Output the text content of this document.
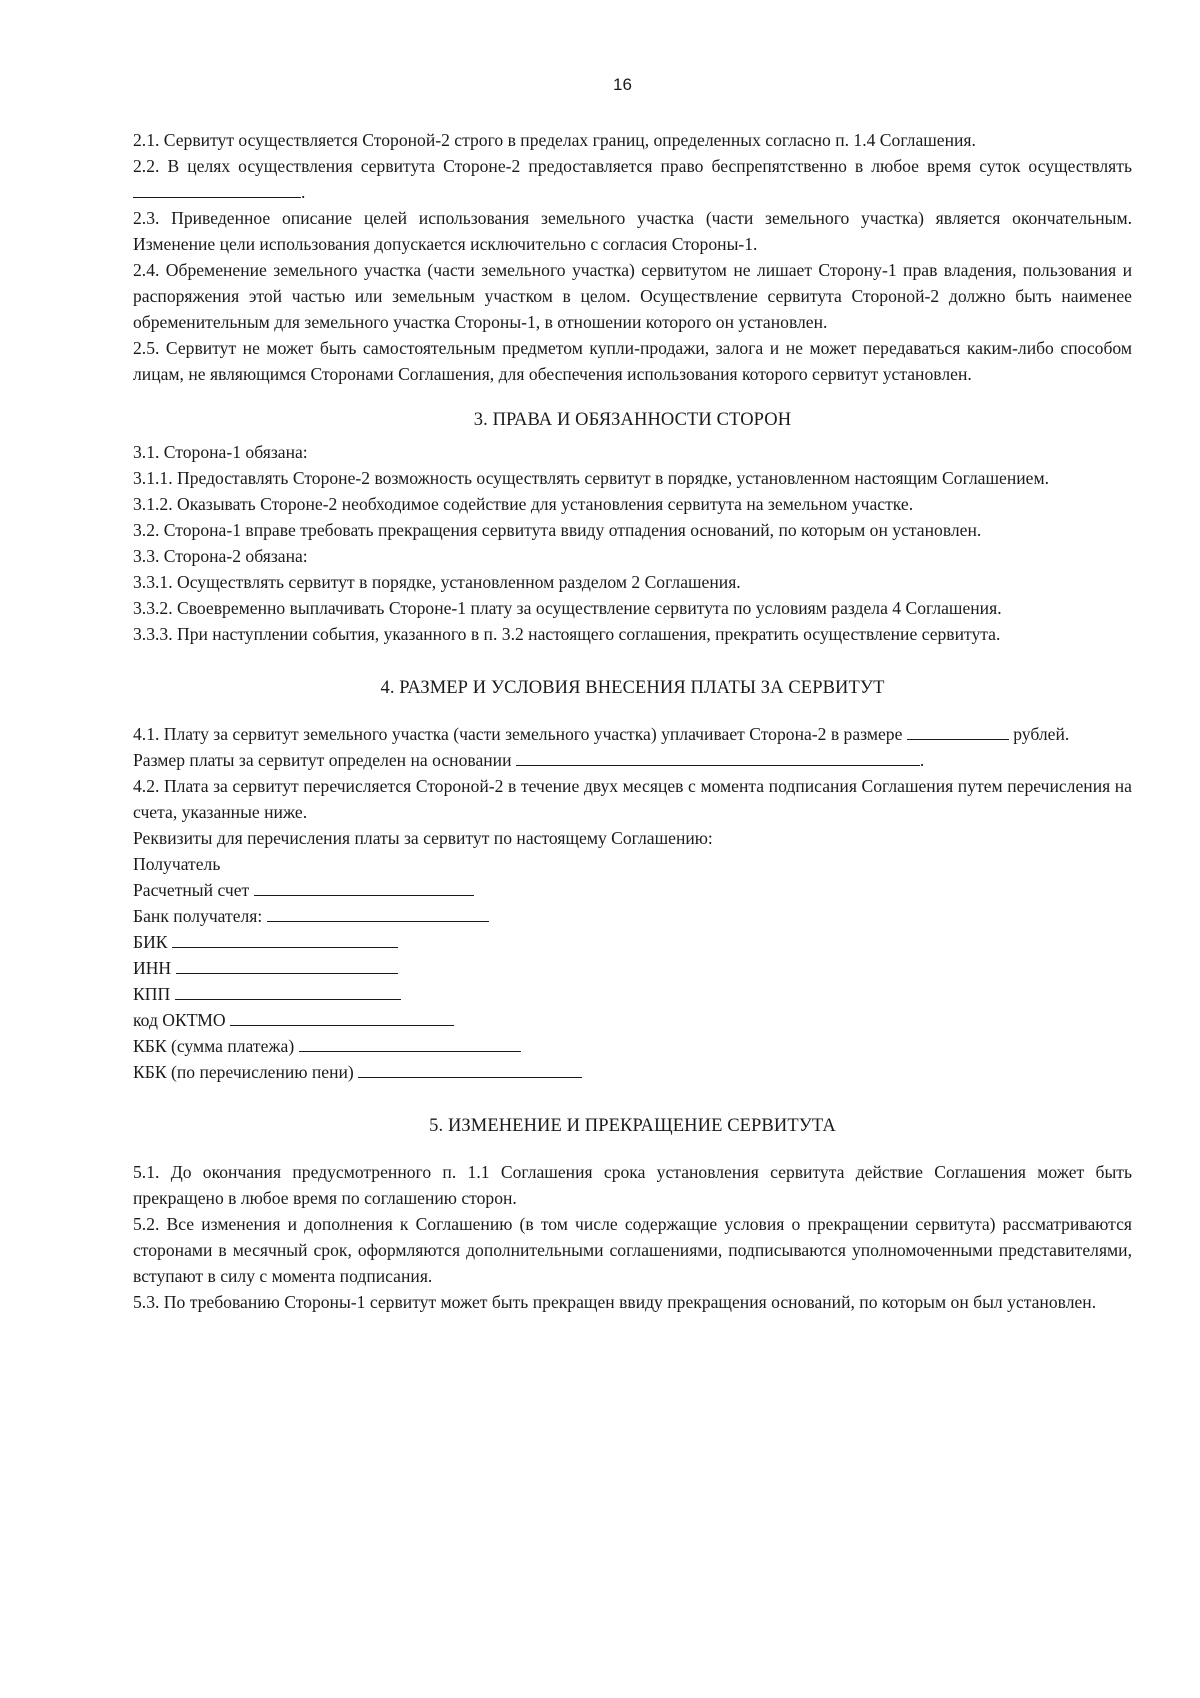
16

2.1. Сервитут осуществляется Стороной-2 строго в пределах границ, определенных согласно п. 1.4 Соглашения.

2.2. В целях осуществления сервитута Стороне-2 предоставляется право беспрепятственно в любое время суток осуществлять .

2.3. Приведенное описание целей использования земельного участка (части земельного участка) является окончательным. Изменение цели использования допускается исключительно с согласия Стороны-1.

2.4. Обременение земельного участка (части земельного участка) сервитутом не лишает Сторону-1 прав владения, пользования и распоряжения этой частью или земельным участком в целом. Осуществление сервитута Стороной-2 должно быть наименее обременительным для земельного участка Стороны-1, в отношении которого он установлен.

2.5. Сервитут не может быть самостоятельным предметом купли-продажи, залога и не может передаваться каким-либо способом лицам, не являющимся Сторонами Соглашения, для обеспечения использования которого сервитут установлен.

3. ПРАВА И ОБЯЗАННОСТИ СТОРОН

3.1. Сторона-1 обязана:

3.1.1. Предоставлять Стороне-2 возможность осуществлять сервитут в порядке, установленном настоящим Соглашением.

3.1.2. Оказывать Стороне-2 необходимое содействие для установления сервитута на земельном участке.

3.2. Сторона-1 вправе требовать прекращения сервитута ввиду отпадения оснований, по которым он установлен.

3.3. Сторона-2 обязана:

3.3.1. Осуществлять сервитут в порядке, установленном разделом 2 Соглашения.

3.3.2. Своевременно выплачивать Стороне-1 плату за осуществление сервитута по условиям раздела 4 Соглашения.

3.3.3. При наступлении события, указанного в п. 3.2 настоящего соглашения, прекратить осуществление сервитута.

4. РАЗМЕР И УСЛОВИЯ ВНЕСЕНИЯ ПЛАТЫ ЗА СЕРВИТУТ

4.1. Плату за сервитут земельного участка (части земельного участка) уплачивает Сторона-2 в размере	рублей.

Размер платы за сервитут определен на основании	.

4.2. Плата за сервитут перечисляется Стороной-2 в течение двух месяцев с момента подписания Соглашения путем перечисления на счета, указанные ниже.

Реквизиты для перечисления платы за сервитут по настоящему Соглашению:

Получатель

Расчетный счет

Банк получателя:

БИК

ИНН

КПП

код ОКТМО

КБК (сумма платежа)

КБК (по перечислению пени)

5. ИЗМЕНЕНИЕ И ПРЕКРАЩЕНИЕ СЕРВИТУТА

5.1. До окончания предусмотренного п. 1.1 Соглашения срока установления сервитута действие Соглашения может быть прекращено в любое время по соглашению сторон.

5.2. Все изменения и дополнения к Соглашению (в том числе содержащие условия о прекращении сервитута) рассматриваются сторонами в месячный срок, оформляются дополнительными соглашениями, подписываются уполномоченными представителями, вступают в силу с момента подписания.

5.3. По требованию Стороны-1 сервитут может быть прекращен ввиду прекращения оснований, по которым он был установлен.
